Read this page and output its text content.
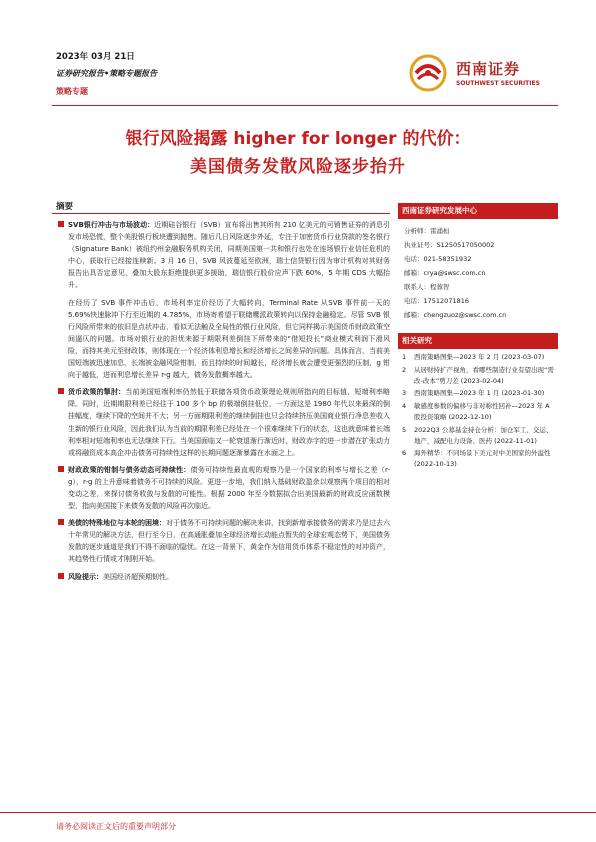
2023年 03月 21日
证券研究报告•策略专题报告
策略专题
西南证券
SOUTHWEST SECURITIES
银行风险揭露 higher for longer 的代价：
美国债务发散风险逐步抬升
摘要
SVB银行冲击与市场波动：近期硅谷银行（SVB）宣布将出售其所有 210 亿美元的可销售证券的消息引发市场恐慌，整个美股银行板块遭到抛售。随后几日风险逐步外延，专注于加密货币行业贷款的签名银行（Signature Bank）被纽约州金融服务机构关闭，同期美国第一共和银行也处在连场银行业信任危机的中心，获取行已经接连赎新。3 月 16 日，SVB 风波蔓延至欧洲，瑞士信贷银行因为审计机构对其财务报告出具否定意见，叠加大股东拒绝提供更多援助，瑞信银行股价应声下跌 60%，5 年期 CDS 大幅抬升。
在经历了 SVB 事件冲击后，市场利率定价经历了大幅转向，Terminal Rate 从SVB 事件前一天的 5.69%快速脉冲下行至近期的 4.785%，市场寄希望于联储鹰派政策转向以保持金融稳定。尽管 SVB 银行风险所带来的依旧是点状冲击，看似无法触及全局性的银行业风险，但它同样揭示美国货币财政政策空间逼仄的问题。市场对银行业的担忧来源于期限利差倒挂下所带来的“借短投长”商业模式利润下滑风险，而持其美元至财政体，则体现在一个经济体利息增长和经济增长之间差异的问题。具体而言，当前美国短端被迅速加息，长端被金融风险钳制，而且持续的时间越长，经济增长就会遭受更强烈的压制，g 钳向于越低，进而利息增长差异 r-g 越大，债务发散概率越大。
货币政策的掣肘：当前美国短端利率仍然低于联储各项货币政策理论规则所指向的目标值，短端利率略降。同时，近期期限利差已经往于 100 多个 bp 的极端倒挂低位，一方面这是 1980 年代以来最深的倒挂幅度，继续下降的空间并不大；另一方面期限利差的继续倒挂也只会持续挤压美国商业银行净息差收入生新的银行业风险，因此我们认为当前的期限利差已经处在一个很难继续下行的状态，这也就意味着长端利率相对短端利率也无法继续下行。当美国面临又一轮衰退渐行渐近时，财政赤字的进一步潜在扩张动力或将融资成本高企冲击债务可持续性这样的长期问题逐渐暴露在水面之上。
财政政策的钳制与债务动态可持续性：债务可持续性最直观的观察乃是一个国家的利率与增长之差（r-g），r-g 的上升意味着债务不可持续的风险。更进一步地，我们纳入基础财政盈余以观察两个项目的相对变动之差，来探讨债务收敛与发散的可能性。根据 2000 年至今数据拟合出美国最新的财政反应函数模型，指向美国接下来债务发散的风险再次临近。
美债的特殊地位与本轮的困境：对于债务不可持续问题的解决来讲，找到新增承接债务的需求乃是过去六十年常见的解决方法，但行至今日，在高通胀叠加全球经济增长动能点暂失的全球宏观态势下，美国债务发散的逐步通道是我们不得不面临的隐忧。在这一背景下，黄金作为信用货币体系不稳定性的对冲资产，其趋势性行情或才刚刚开始。
风险提示：美国经济超预期韧性。
西南证券研究发展中心
分析师：雷涌桓
执业证号：S1250517050002
电话：021-58351932
邮箱：crya@swsc.com.cn
联系人：程蓉智
电话：17512071816
邮箱：chengzuoz@swsc.com.cn
相关研究
1 西南策略图集—2023 年 2 月 (2023-03-07)
2 从居财持扩产视角，看哪些制造行业有望出现“需改-改本”剪刀差 (2023-02-04)
3 西南策略图集—2023 年 1 月 (2023-01-30)
4 敏感度参数的偏移与非对称性回补—2023 年 A 股投资策略 (2022-12-10)
5 2022Q3 公募基金持仓分析：加仓军工、交运、地产，减配电力设备、医药 (2022-11-01)
6 海外精华：不同场景下美元对中美国家的外溢性 (2022-10-13)
请务必阅读正文后的重要声明部分
